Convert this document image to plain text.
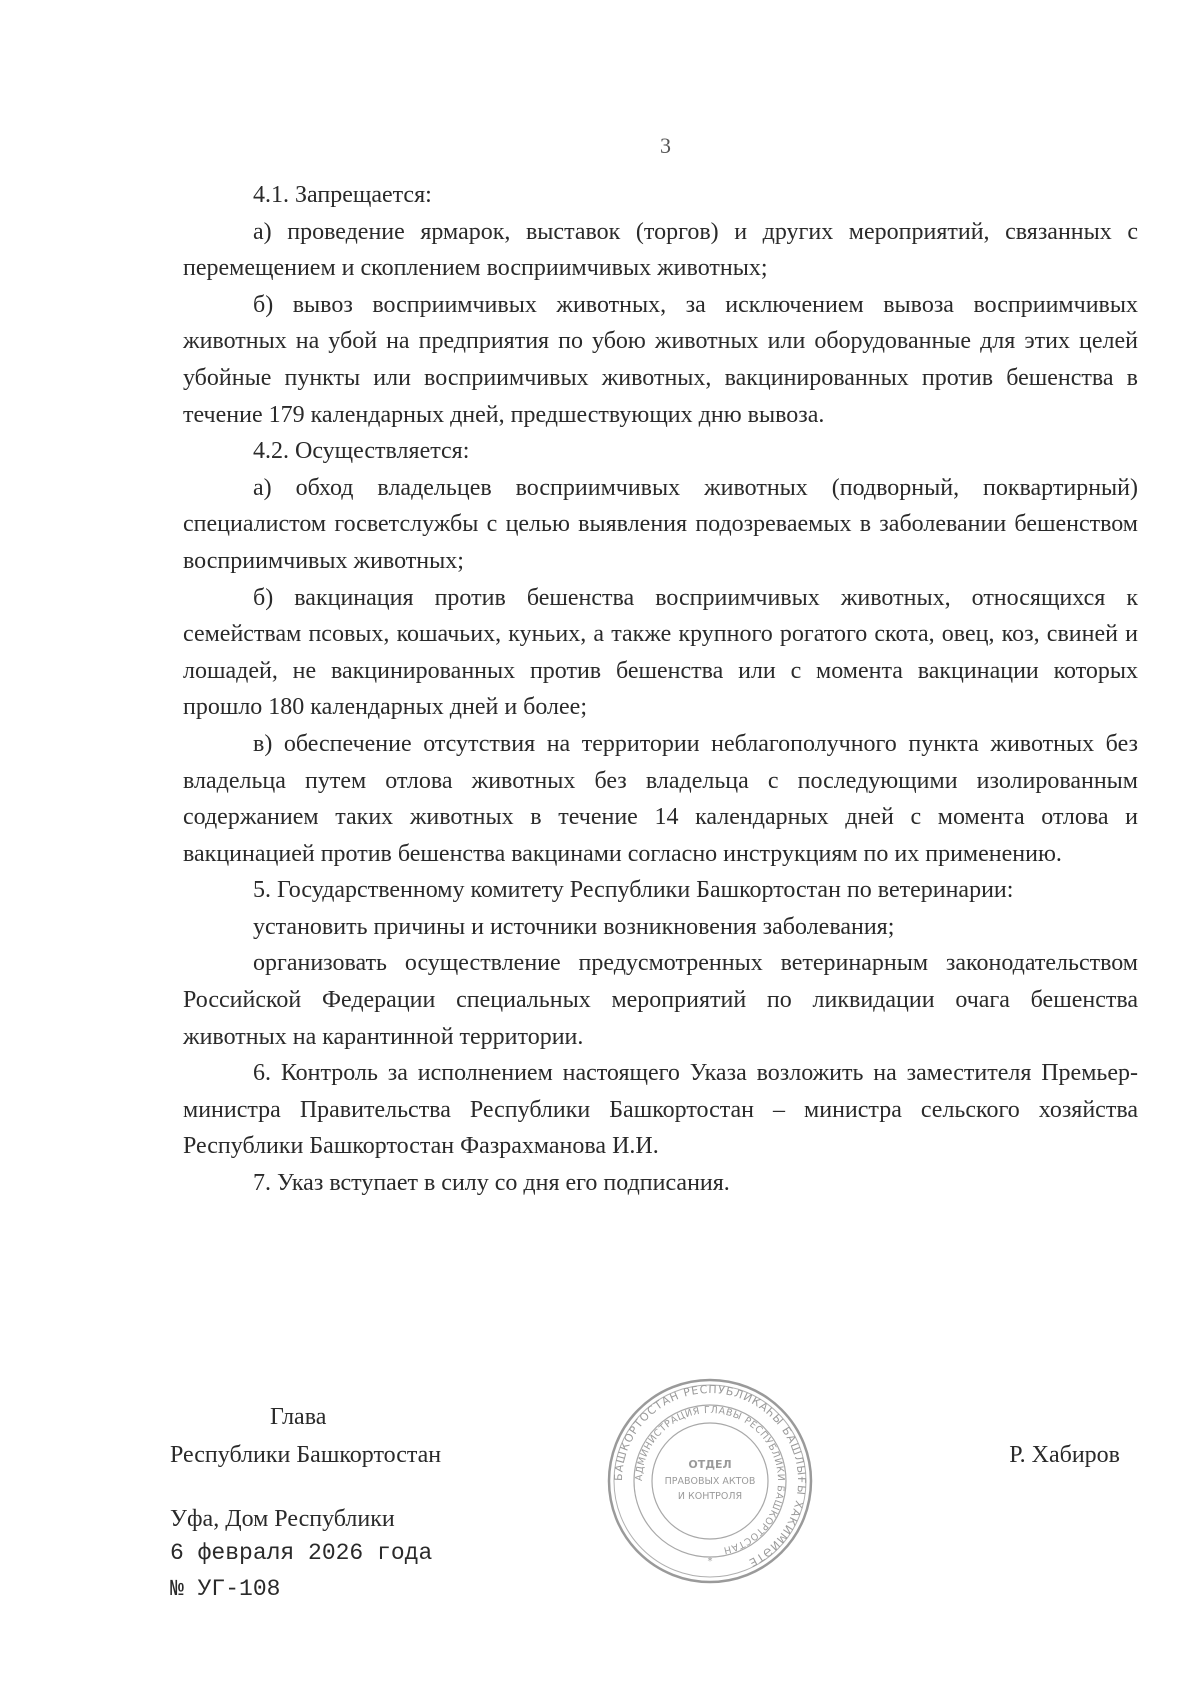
3

4.1. Запрещается:

а) проведение ярмарок, выставок (торгов) и других мероприятий, связанных с перемещением и скоплением восприимчивых животных;

б) вывоз восприимчивых животных, за исключением вывоза восприимчивых животных на убой на предприятия по убою животных или оборудованные для этих целей убойные пункты или восприимчивых животных, вакцинированных против бешенства в течение 179 календарных дней, предшествующих дню вывоза.

4.2. Осуществляется:

а) обход владельцев восприимчивых животных (подворный, поквартирный) специалистом госветслужбы с целью выявления подозреваемых в заболевании бешенством восприимчивых животных;

б) вакцинация против бешенства восприимчивых животных, относящихся к семействам псовых, кошачьих, куньих, а также крупного рогатого скота, овец, коз, свиней и лошадей, не вакцинированных против бешенства или с момента вакцинации которых прошло 180 календарных дней и более;

в) обеспечение отсутствия на территории неблагополучного пункта животных без владельца путем отлова животных без владельца с последующими изолированным содержанием таких животных в течение 14 календарных дней с момента отлова и вакцинацией против бешенства вакцинами согласно инструкциям по их применению.

5. Государственному комитету Республики Башкортостан по ветеринарии:

установить причины и источники возникновения заболевания;

организовать осуществление предусмотренных ветеринарным законодательством Российской Федерации специальных мероприятий по ликвидации очага бешенства животных на карантинной территории.

6. Контроль за исполнением настоящего Указа возложить на заместителя Премьер-министра Правительства Республики Башкортостан – министра сельского хозяйства Республики Башкортостан Фазрахманова И.И.

7. Указ вступает в силу со дня его подписания.

Глава
Республики Башкортостан	Р. Хабиров
Уфа, Дом Республики
6 февраля 2026 года
№ УГ-108
БАШКОРТОСТАН РЕСПУБЛИКАҺЫ БАШЛЫҒЫ ХАКИМИӘТЕ
АДМИНИСТРАЦИЯ ГЛАВЫ РЕСПУБЛИКИ БАШКОРТОСТАН
ОТДЕЛ
ПРАВОВЫХ АКТОВ
И КОНТРОЛЯ
*
